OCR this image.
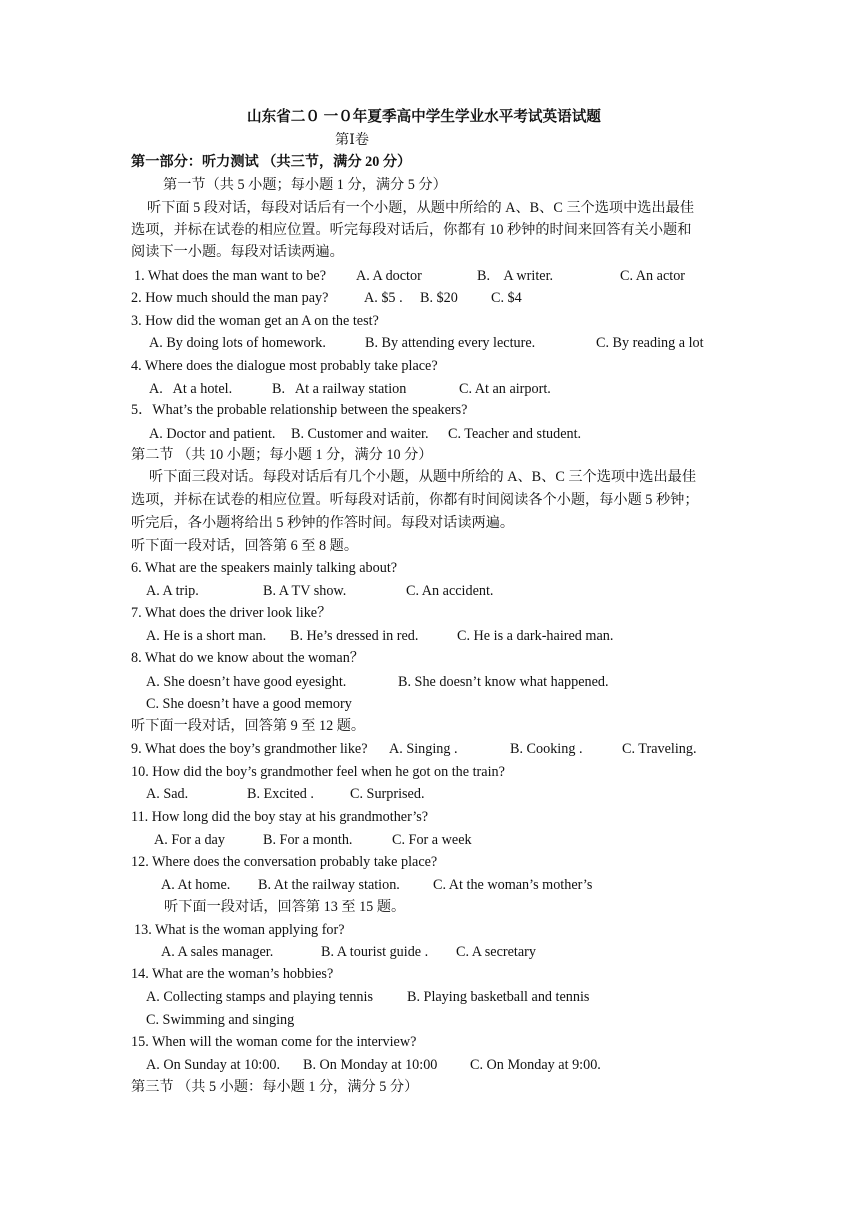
山东省二０ 一０年夏季高中学生学业水平考试英语试题
第Ⅰ卷
第一部分：听力测试 （共三节，满分 20 分）
第一节（共 5 小题；每小题 1 分，满分 5 分）
听下面 5 段对话，每段对话后有一个小题，从题中所给的 A、B、C 三个选项中选出最佳
选项，并标在试卷的相应位置。听完每段对话后，你都有 10 秒钟的时间来回答有关小题和
阅读下一小题。每段对话读两遍。

1. What does the man want to be?

A. A doctor

	B.    A writer.

	C. An actor

2. How much should the man pay?

	A. $5 .

B. $20

C. $4

3. How did the woman get an A on the test?

A. By doing lots of homework.

	B. By attending every lecture.

	C. By reading a lot

4. Where does the dialogue most probably take place?

A.   At a hotel.

	B.   At a railway station

	C. At an airport.

5．What’s the probable relationship between the speakers?

A. Doctor and patient.

B. Customer and waiter.

C. Teacher and student.

第二节 （共 10 小题；每小题 1 分，满分 10 分）
听下面三段对话。每段对话后有几个小题，从题中所给的 A、B、C 三个选项中选出最佳
选项，并标在试卷的相应位置。听每段对话前，你都有时间阅读各个小题，每小题 5 秒钟；
听完后，各小题将给出 5 秒钟的作答时间。每段对话读两遍。
听下面一段对话，回答第 6 至 8 题。
6. What are the speakers mainly talking about?

A. A trip.

	B. A TV show.

	C. An accident.

7. What does the driver look like？

A. He is a short man.

B. He’s dressed in red.

	C. He is a dark-haired man.

8. What do we know about the woman？

A. She doesn’t have good eyesight.

	B. She doesn’t know what happened.

C. She doesn’t have a good memory
听下面一段对话，回答第 9 至 12 题。

9. What does the boy’s grandmother like?

A. Singing .

	B. Cooking .

	C. Traveling.

10. How did the boy’s grandmother feel when he got on the train?

A. Sad.

	B. Excited .

	C. Surprised.

11. How long did the boy stay at his grandmother’s?

A. For a day

	B. For a month.

	C. For a week

12. Where does the conversation probably take place?

A. At home.

B. At the railway station.

C. At the woman’s mother’s

听下面一段对话，回答第 13 至 15 题。
13. What is the woman applying for?

A. A sales manager.

	B. A tourist guide .

C. A secretary

14. What are the woman’s hobbies?

A. Collecting stamps and playing tennis

B. Playing basketball and tennis

C. Swimming and singing
15. When will the woman come for the interview?

A. On Sunday at 10:00.

B. On Monday at 10:00

C. On Monday at 9:00.

第三节 （共 5 小题：每小题 1 分，满分 5 分）
